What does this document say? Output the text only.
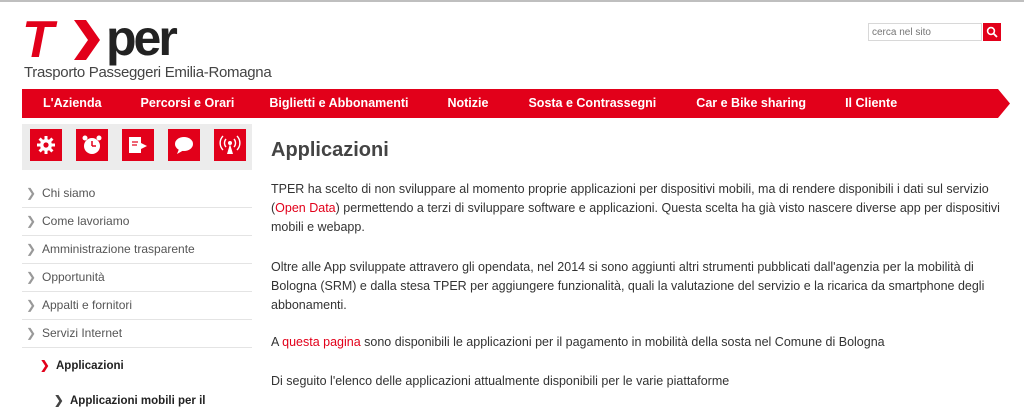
T per
Trasporto Passeggeri Emilia-Romagna
cerca nel sito
L'Azienda	Percorsi e Orari	Biglietti e Abbonamenti	Notizie	Sosta e Contrassegni	Car e Bike sharing	Il Cliente
❯ Chi siamo
❯ Come lavoriamo
❯ Amministrazione trasparente
❯ Opportunità
❯ Appalti e fornitori
❯ Servizi Internet
❯ Applicazioni
❯ Applicazioni mobili per il
Applicazioni

TPER ha scelto di non sviluppare al momento proprie applicazioni per dispositivi mobili, ma di rendere disponibili i dati sul servizio (Open Data) permettendo a terzi di sviluppare software e applicazioni. Questa scelta ha già visto nascere diverse app per dispositivi mobili e webapp.

Oltre alle App sviluppate attravero gli opendata, nel 2014 si sono aggiunti altri strumenti pubblicati dall'agenzia per la mobilità di Bologna (SRM) e dalla stesa TPER per aggiungere funzionalità, quali la valutazione del servizio e la ricarica da smartphone degli abbonamenti.

A questa pagina sono disponibili le applicazioni per il pagamento in mobilità della sosta nel Comune di Bologna

Di seguito l'elenco delle applicazioni attualmente disponibili per le varie piattaforme
